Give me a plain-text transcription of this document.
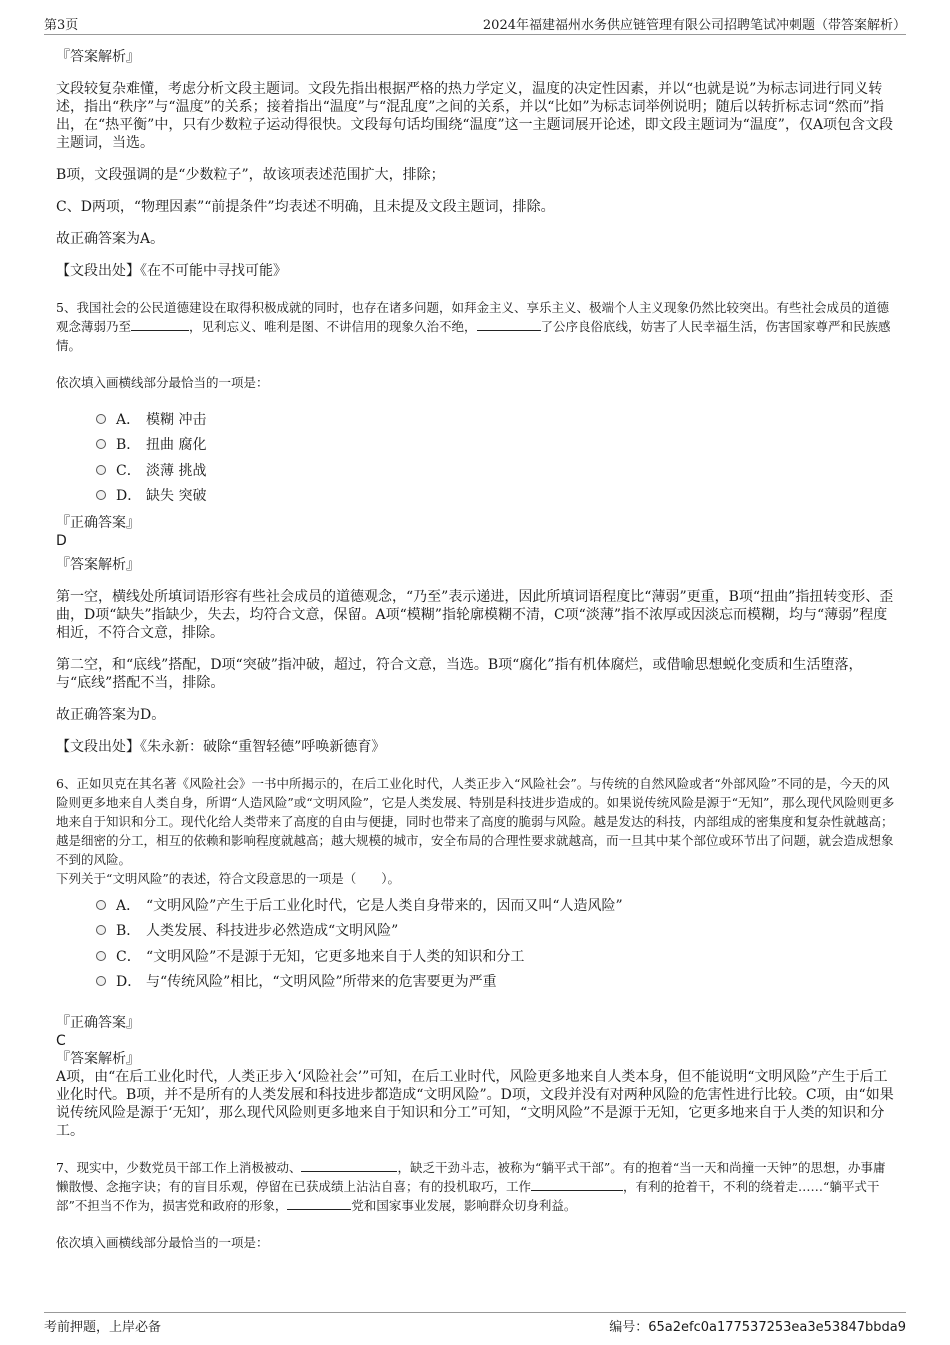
第3页	2024年福建福州水务供应链管理有限公司招聘笔试冲刺题（带答案解析）
『答案解析』

文段较复杂难懂，考虑分析文段主题词。文段先指出根据严格的热力学定义，温度的决定性因素，并以“也就是说”为标志词进行同义转述，指出“秩序”与“温度”的关系；接着指出“温度”与“混乱度”之间的关系，并以“比如”为标志词举例说明；随后以转折标志词“然而”指出，在“热平衡”中，只有少数粒子运动得很快。文段每句话均围绕“温度”这一主题词展开论述，即文段主题词为“温度”，仅A项包含文段主题词，当选。

B项，文段强调的是“少数粒子”，故该项表述范围扩大，排除；

C、D两项，“物理因素”“前提条件”均表述不明确，且未提及文段主题词，排除。

故正确答案为A。

【文段出处】《在不可能中寻找可能》

5、我国社会的公民道德建设在取得积极成就的同时，也存在诸多问题，如拜金主义、享乐主义、极端个人主义现象仍然比较突出。有些社会成员的道德观念薄弱乃至	，见利忘义、唯利是图、不讲信用的现象久治不绝，	了公序良俗底线，妨害了人民幸福生活，伤害国家尊严和民族感情。

依次填入画横线部分最恰当的一项是：

A． 模糊 冲击
B． 扭曲 腐化
C． 淡薄 挑战
D． 缺失 突破
『正确答案』
D
『答案解析』

第一空，横线处所填词语形容有些社会成员的道德观念，“乃至”表示递进，因此所填词语程度比“薄弱”更重，B项“扭曲”指扭转变形、歪曲，D项“缺失”指缺少，失去，均符合文意，保留。A项“模糊”指轮廓模糊不清，C项“淡薄”指不浓厚或因淡忘而模糊，均与“薄弱”程度相近，不符合文意，排除。

第二空，和“底线”搭配，D项“突破”指冲破，超过，符合文意，当选。B项“腐化”指有机体腐烂，或借喻思想蜕化变质和生活堕落，与“底线”搭配不当，排除。

故正确答案为D。

【文段出处】《朱永新：破除“重智轻德”呼唤新德育》

6、正如贝克在其名著《风险社会》一书中所揭示的，在后工业化时代，人类正步入“风险社会”。与传统的自然风险或者“外部风险”不同的是，今天的风险则更多地来自人类自身，所谓“人造风险”或“文明风险”，它是人类发展、特别是科技进步造成的。如果说传统风险是源于“无知”，那么现代风险则更多地来自于知识和分工。现代化给人类带来了高度的自由与便捷，同时也带来了高度的脆弱与风险。越是发达的科技，内部组成的密集度和复杂性就越高；越是细密的分工，相互的依赖和影响程度就越高；越大规模的城市，安全布局的合理性要求就越高，而一旦其中某个部位或环节出了问题，就会造成想象不到的风险。

下列关于“文明风险”的表述，符合文段意思的一项是（　　）。

A． “文明风险”产生于后工业化时代，它是人类自身带来的，因而又叫“人造风险”
B． 人类发展、科技进步必然造成“文明风险”
C． “文明风险”不是源于无知，它更多地来自于人类的知识和分工
D． 与“传统风险”相比，“文明风险”所带来的危害要更为严重
『正确答案』
C
『答案解析』

A项，由“在后工业化时代，人类正步入‘风险社会’”可知，在后工业时代，风险更多地来自人类本身，但不能说明“文明风险”产生于后工业化时代。B项，并不是所有的人类发展和科技进步都造成“文明风险”。D项，文段并没有对两种风险的危害性进行比较。C项，由“如果说传统风险是源于‘无知’，那么现代风险则更多地来自于知识和分工”可知，“文明风险”不是源于无知，它更多地来自于人类的知识和分工。

7、现实中，少数党员干部工作上消极被动、	，缺乏干劲斗志，被称为“躺平式干部”。有的抱着“当一天和尚撞一天钟”的思想，办事庸懒散慢、念拖字诀；有的盲目乐观，停留在已获成绩上沾沾自喜；有的投机取巧，工作	，有利的抢着干，不利的绕着走……“躺平式干部”不担当不作为，损害党和政府的形象，	党和国家事业发展，影响群众切身利益。

依次填入画横线部分最恰当的一项是：

考前押题，上岸必备	编号：65a2efc0a177537253ea3e53847bbda9
